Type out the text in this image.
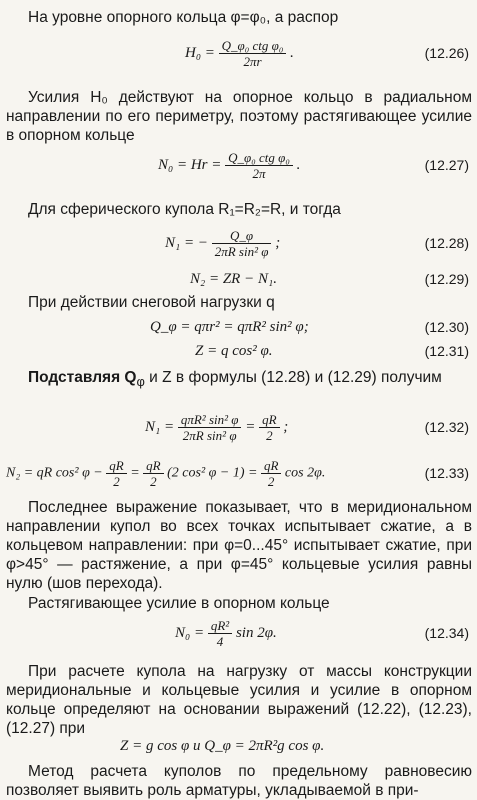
На уровне опорного кольца φ=φ₀, а распор
$H_0 = \frac{\text{Q\_φ₀ ctg φ₀}}{2\pi r}$ .	(12.26)
Усилия H₀ действуют на опорное кольцо в радиальном направлении по его периметру, поэтому растягивающее усилие в опорном кольце
$N_0 = Hr = \frac{\text{Q\_φ₀ ctg φ₀}}{2\pi}$ .	(12.27)
Для сферического купола R₁=R₂=R, и тогда
N₁ = − $\frac{Q\_\varphi}{\text{2πR sin² φ}}$ ;	(12.28)
N₂ = ZR − N₁.	(12.29)
При действии снеговой нагрузки q
Q_φ = qπr² = qπR² sin² φ;	(12.30)
Z = q cos² φ.	(12.31)
Подставляя $Q_\varphi$ и Z в формулы (12.28) и (12.29) получим
$N_1 = \frac{\text{qπR² sin² φ}}{\text{2πR sin² φ}} = \frac{qR}{2}$ ;	(12.32)
N₂ = qR cos² $\varphi - \frac{qR}{2} = \frac{qR}{2} (2$ cos² $\varphi - 1) = \frac{qR}{2}$ cos 2φ.	(12.33)
Последнее выражение показывает, что в меридиональном направлении купол во всех точках испытывает сжатие, а в кольцевом направлении: при φ=0...45° испытывает сжатие, при φ>45° — растяжение, а при φ=45° кольцевые усилия равны нулю (шов перехода).
Растягивающее усилие в опорном кольце
$N_0 = \frac{\text{qR²}}{4}$ sin 2φ.	(12.34)
При расчете купола на нагрузку от массы конструкции меридиональные и кольцевые усилия и усилие в опорном кольце определяют на основании выражений (12.22), (12.23), (12.27) при
Z = g cos φ и Q_φ = 2πR²g cos φ.
Метод расчета куполов по предельному равновесию позволяет выявить роль арматуры, укладываемой в при-
